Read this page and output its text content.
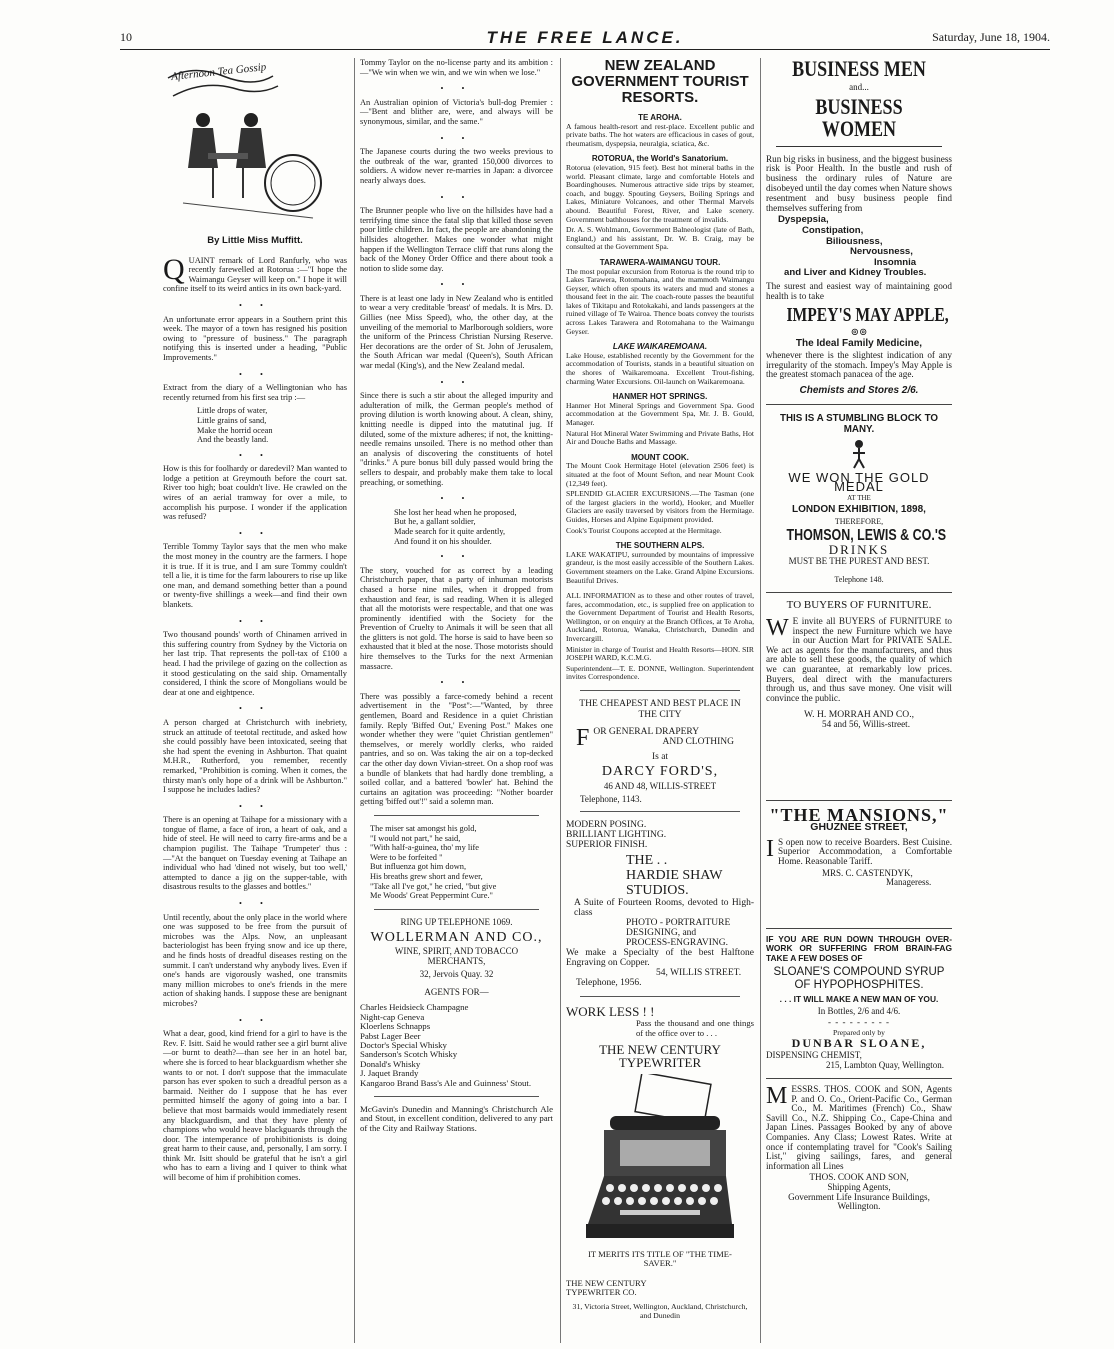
10	THE FREE LANCE.	Saturday, June 18, 1904.
Afternoon Tea Gossip
By Little Miss Muffitt.

QUAINT remark of Lord Ranfurly, who was recently farewelled at Rotorua :—"I hope the Waimangu Geyser will keep on." I hope it will confine itself to its weird antics in its own back-yard.

• •

An unfortunate error appears in a Southern print this week. The mayor of a town has resigned his position owing to "pressure of business." The paragraph notifying this is inserted under a heading, "Public Improvements."

• •

Extract from the diary of a Wellingtonian who has recently returned from his first sea trip :—

Little drops of water,
Little grains of sand,
Make the horrid ocean
And the beastly land.
• •

How is this for foolhardy or daredevil? Man wanted to lodge a petition at Greymouth before the court sat. River too high; boat couldn't live. He crawled on the wires of an aerial tramway for over a mile, to accomplish his purpose. I wonder if the application was refused?

• •

Terrible Tommy Taylor says that the men who make the most money in the country are the farmers. I hope it is true. If it is true, and I am sure Tommy couldn't tell a lie, it is time for the farm labourers to rise up like one man, and demand something better than a pound or twenty-five shillings a week—and find their own blankets.

• •

Two thousand pounds' worth of Chinamen arrived in this suffering country from Sydney by the Victoria on her last trip. That represents the poll-tax of £100 a head. I had the privilege of gazing on the collection as it stood gesticulating on the said ship. Ornamentally considered, I think the score of Mongolians would be dear at one and eightpence.

• •

A person charged at Christchurch with inebriety, struck an attitude of teetotal rectitude, and asked how she could possibly have been intoxicated, seeing that she had spent the evening in Ashburton. That quaint M.H.R., Rutherford, you remember, recently remarked, "Prohibition is coming. When it comes, the thirsty man's only hope of a drink will be Ashburton." I suppose he includes ladies?

• •

There is an opening at Taihape for a missionary with a tongue of flame, a face of iron, a heart of oak, and a hide of steel. He will need to carry fire-arms and be a champion pugilist. The Taihape 'Trumpeter' thus :—"At the banquet on Tuesday evening at Taihape an individual who had 'dined not wisely, but too well,' attempted to dance a jig on the supper-table, with disastrous results to the glasses and bottles."

• •

Until recently, about the only place in the world where one was supposed to be free from the pursuit of microbes was the Alps. Now, an unpleasant bacteriologist has been frying snow and ice up there, and he finds hosts of dreadful diseases resting on the summit. I can't understand why anybody lives. Even if one's hands are vigorously washed, one transmits many million microbes to one's friends in the mere action of shaking hands. I suppose these are benignant microbes?

• •

What a dear, good, kind friend for a girl to have is the Rev. F. Isitt. Said he would rather see a girl burnt alive—or burnt to death?—than see her in an hotel bar, where she is forced to hear blackguardism whether she wants to or not. I don't suppose that the immaculate parson has ever spoken to such a dreadful person as a barmaid. Neither do I suppose that he has ever permitted himself the agony of going into a bar. I believe that most barmaids would immediately resent any blackguardism, and that they have plenty of champions who would heave blackguards through the door. The intemperance of prohibitionists is doing great harm to their cause, and, personally, I am sorry. I think Mr. Isitt should be grateful that he isn't a girl who has to earn a living and I quiver to think what will become of him if prohibition comes.

Tommy Taylor on the no-license party and its ambition :—"We win when we win, and we win when we lose."

• •

An Australian opinion of Victoria's bull-dog Premier :—"Bent and blither are, were, and always will be synonymous, similar, and the same."

• •

The Japanese courts during the two weeks previous to the outbreak of the war, granted 150,000 divorces to soldiers. A widow never re-marries in Japan: a divorcee nearly always does.

• •

The Brunner people who live on the hillsides have had a terrifying time since the fatal slip that killed those seven poor little children. In fact, the people are abandoning the hillsides altogether. Makes one wonder what might happen if the Wellington Terrace cliff that runs along the back of the Money Order Office and there about took a notion to slide some day.

• •

There is at least one lady in New Zealand who is entitled to wear a very creditable 'breast' of medals. It is Mrs. D. Gillies (nee Miss Speed), who, the other day, at the unveiling of the memorial to Marlborough soldiers, wore the uniform of the Princess Christian Nursing Reserve. Her decorations are the order of St. John of Jerusalem, the South African war medal (Queen's), South African war medal (King's), and the New Zealand medal.

• •

Since there is such a stir about the alleged impurity and adulteration of milk, the German people's method of proving dilution is worth knowing about. A clean, shiny, knitting needle is dipped into the matutinal jug. If diluted, some of the mixture adheres; if not, the knitting-needle remains unsoiled. There is no method other than an analysis of discovering the constituents of hotel "drinks." A pure bonus bill duly passed would bring the sellers to despair, and probably make them take to local preaching, or something.

• •
She lost her head when he proposed,
But he, a gallant soldier,
Made search for it quite ardently,
And found it on his shoulder.
• •

The story, vouched for as correct by a leading Christchurch paper, that a party of inhuman motorists chased a horse nine miles, when it dropped from exhaustion and fear, is sad reading. When it is alleged that all the motorists were respectable, and that one was prominently identified with the Society for the Prevention of Cruelty to Animals it will be seen that all the glitters is not gold. The horse is said to have been so exhausted that it bled at the nose. Those motorists should hire themselves to the Turks for the next Armenian massacre.

• •

There was possibly a farce-comedy behind a recent advertisement in the "Post":—"Wanted, by three gentlemen, Board and Residence in a quiet Christian family. Reply 'Biffed Out,' Evening Post." Makes one wonder whether they were "quiet Christian gentlemen" themselves, or merely worldly clerks, who raided pantries, and so on. Was taking the air on a top-decked car the other day down Vivian-street. On a shop roof was a bundle of blankets that had hardly done trembling, a soiled collar, and a battered 'bowler' hat. Behind the curtains an agitation was proceeding: "Nother boarder getting 'biffed out'!" said a solemn man.

The miser sat amongst his gold,
"I would not part," he said,
"With half-a-guinea, tho' my life
Were to be forfeited "
But influenza got him down,
His breaths grew short and fewer,
"Take all I've got," he cried, "but give
Me Woods' Great Peppermint Cure."
RING UP TELEPHONE 1069.
WOLLERMAN AND CO.,
WINE, SPIRIT, AND TOBACCO MERCHANTS,
32, Jervois Quay. 32
AGENTS FOR—
Charles Heidsieck Champagne
Night-cap Geneva
Kloerlens Schnapps
Pabst Lager Beer
Doctor's Special Whisky
Sanderson's Scotch Whisky
Donald's Whisky
J. Jaquet Brandy
Kangaroo Brand Bass's Ale and Guinness' Stout.

McGavin's Dunedin and Manning's Christchurch Ale and Stout, in excellent condition, delivered to any part of the City and Railway Stations.

NEW ZEALAND GOVERNMENT TOURIST RESORTS.
TE AROHA.

A famous health-resort and rest-place. Excellent public and private baths. The hot waters are efficacious in cases of gout, rheumatism, dyspepsia, neuralgia, sciatica, &c.

ROTORUA, the World's Sanatorium.

Rotorua (elevation, 915 feet). Best hot mineral baths in the world. Pleasant climate, large and comfortable Hotels and Boardinghouses. Numerous attractive side trips by steamer, coach, and buggy. Spouting Geysers, Boiling Springs and Lakes, Miniature Volcanoes, and other Thermal Marvels abound. Beautiful Forest, River, and Lake scenery. Government bathhouses for the treatment of invalids.

Dr. A. S. Wohlmann, Government Balneologist (late of Bath, England,) and his assistant, Dr. W. B. Craig, may be consulted at the Government Spa.

TARAWERA-WAIMANGU TOUR.

The most popular excursion from Rotorua is the round trip to Lakes Tarawera, Rotomahana, and the mammoth Waimangu Geyser, which often spouts its waters and mud and stones a thousand feet in the air. The coach-route passes the beautiful lakes of Tikitapu and Rotokakahi, and lands passengers at the ruined village of Te Wairoa. Thence boats convey the tourists across Lakes Tarawera and Rotomahana to the Waimangu Geyser.

LAKE WAIKAREMOANA.

Lake House, established recently by the Government for the accommodation of Tourists, stands in a beautiful situation on the shores of Waikaremoana. Excellent Trout-fishing, charming Water Excursions. Oil-launch on Waikaremoana.

HANMER HOT SPRINGS.

Hanmer Hot Mineral Springs and Government Spa. Good accommodation at the Government Spa, Mr. J. B. Gould, Manager.

Natural Hot Mineral Water Swimming and Private Baths, Hot Air and Douche Baths and Massage.

MOUNT COOK.

The Mount Cook Hermitage Hotel (elevation 2506 feet) is situated at the foot of Mount Sefton, and near Mount Cook (12,349 feet).

SPLENDID GLACIER EXCURSIONS.—The Tasman (one of the largest glaciers in the world), Hooker, and Mueller Glaciers are easily traversed by visitors from the Hermitage. Guides, Horses and Alpine Equipment provided.

Cook's Tourist Coupons accepted at the Hermitage.

THE SOUTHERN ALPS.

LAKE WAKATIPU, surrounded by mountains of impressive grandeur, is the most easily accessible of the Southern Lakes. Government steamers on the Lake. Grand Alpine Excursions. Beautiful Drives.

ALL INFORMATION as to these and other routes of travel, fares, accommodation, etc., is supplied free on application to the Government Department of Tourist and Health Resorts, Wellington, or on enquiry at the Branch Offices, at Te Aroha, Auckland, Rotorua, Wanaka, Christchurch, Dunedin and Invercargill.

Minister in charge of Tourist and Health Resorts—HON. SIR JOSEPH WARD, K.C.M.G.

Superintendent—T. E. DONNE, Wellington. Superintendent invites Correspondence.

THE CHEAPEST AND BEST PLACE IN THE CITY
F OR GENERAL DRAPERY
AND CLOTHING
Is at
DARCY FORD'S,
46 AND 48, WILLIS-STREET
Telephone, 1143.
MODERN POSING.
BRILLIANT LIGHTING.
SUPERIOR FINISH.
THE . .
HARDIE SHAW
STUDIOS.
A Suite of Fourteen Rooms, devoted to High-class
PHOTO - PORTRAITURE
DESIGNING, and
PROCESS-ENGRAVING.
We make a Specialty of the best Halftone Engraving on Copper.
54, WILLIS STREET.
Telephone, 1956.
WORK LESS ! !
Pass the thousand and one things of the office over to . . .
THE NEW CENTURY
TYPEWRITER
IT MERITS ITS TITLE OF "THE TIME-SAVER."
THE NEW CENTURY
TYPEWRITER CO.
31, Victoria Street, Wellington, Auckland, Christchurch, and Dunedin
BUSINESS MEN
and...
BUSINESS WOMEN

Run big risks in business, and the biggest business risk is Poor Health. In the bustle and rush of business the ordinary rules of Nature are disobeyed until the day comes when Nature shows resentment and busy business people find themselves suffering from

Dyspepsia,
Constipation,
Biliousness,
Nervousness,
Insomnia
and Liver and Kidney Troubles.

The surest and easiest way of maintaining good health is to take

IMPEY'S MAY APPLE,
⊚⊚
The Ideal Family Medicine,

whenever there is the slightest indication of any irregularity of the stomach. Impey's May Apple is the greatest stomach panacea of the age.

Chemists and Stores 2/6.
THIS IS A STUMBLING BLOCK TO MANY.
WE WON THE GOLD MEDAL
AT THE
LONDON EXHIBITION, 1898,
THEREFORE,
THOMSON, LEWIS & CO.'S
DRINKS
MUST BE THE PUREST AND BEST.
Telephone 148.
TO BUYERS OF FURNITURE.

W E invite all BUYERS of FURNITURE to inspect the new Furniture which we have in our Auction Mart for PRIVATE SALE. We act as agents for the manufacturers, and thus are able to sell these goods, the quality of which we can guarantee, at remarkably low prices. Buyers, deal direct with the manufacturers through us, and thus save money. One visit will convince the public.

W. H. MORRAH AND CO.,
54 and 56, Willis-street.
"THE MANSIONS,"
GHUZNEE STREET,

I S open now to receive Boarders. Best Cuisine. Superior Accommodation, a Comfortable Home. Reasonable Tariff.

MRS. C. CASTENDYK,
Manageress.
IF YOU ARE RUN DOWN THROUGH OVER-WORK OR SUFFERING FROM BRAIN-FAG TAKE A FEW DOSES OF
SLOANE'S COMPOUND SYRUP OF HYPOPHOSPHITES.
. . . IT WILL MAKE A NEW MAN OF YOU.
In Bottles, 2/6 and 4/6.
- - - - - - - - -
Prepared only by
DUNBAR SLOANE,
DISPENSING CHEMIST,
215, Lambton Quay, Wellington.

MESSRS. THOS. COOK and SON, Agents P. and O. Co., Orient-Pacific Co., German Co., M. Maritimes (French) Co., Shaw Savill Co., N.Z. Shipping Co., Cape-China and Japan Lines. Passages Booked by any of above Companies. Any Class; Lowest Rates. Write at once if contemplating travel for "Cook's Sailing List," giving sailings, fares, and general information all Lines

THOS. COOK AND SON,
Shipping Agents,
Government Life Insurance Buildings, Wellington.
